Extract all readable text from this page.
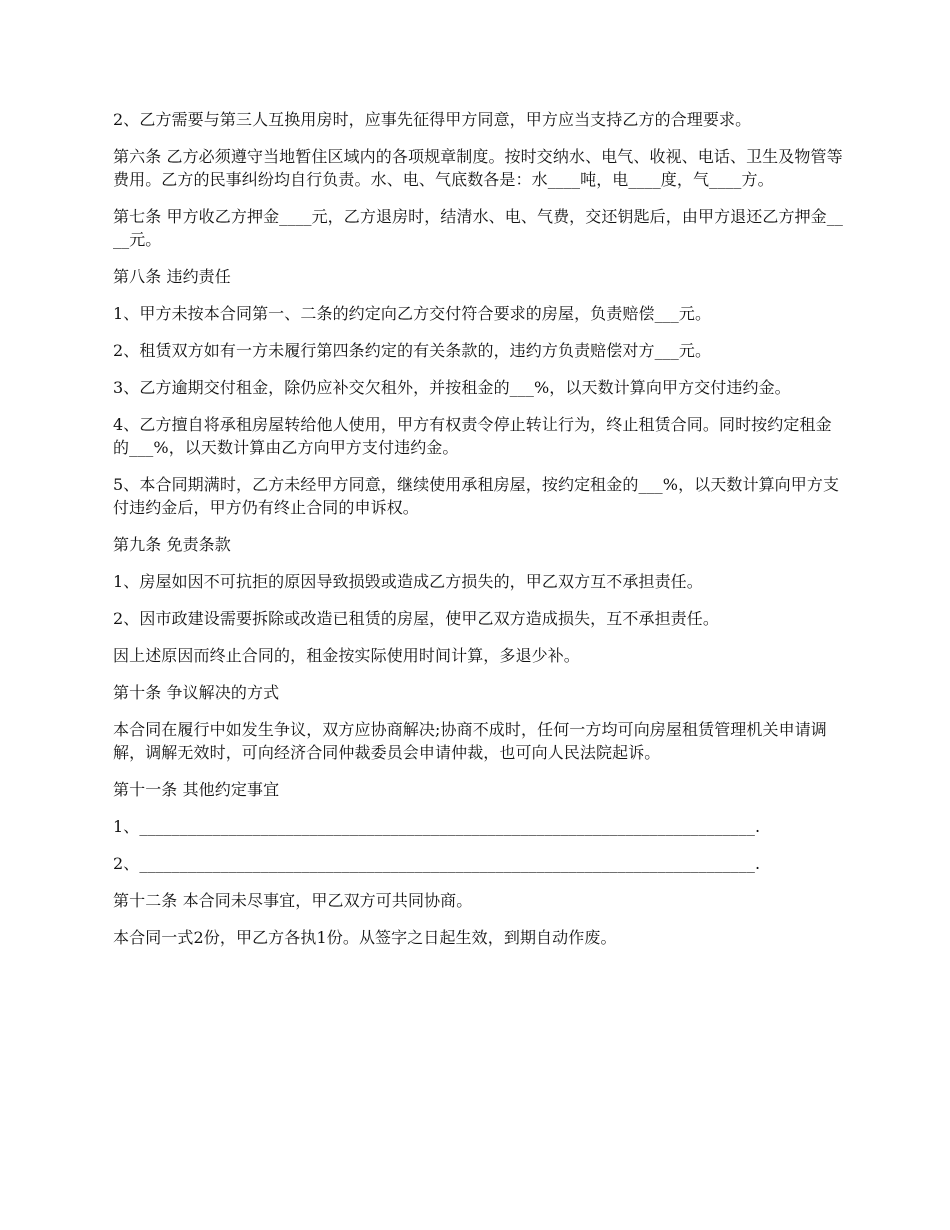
2、乙方需要与第三人互换用房时，应事先征得甲方同意，甲方应当支持乙方的合理要求。

第六条 乙方必须遵守当地暂住区域内的各项规章制度。按时交纳水、电气、收视、电话、卫生及物管等费用。乙方的民事纠纷均自行负责。水、电、气底数各是：水____吨，电____度，气____方。

第七条 甲方收乙方押金____元，乙方退房时，结清水、电、气费，交还钥匙后，由甲方退还乙方押金____元。

第八条 违约责任

1、甲方未按本合同第一、二条的约定向乙方交付符合要求的房屋，负责赔偿___元。

2、租赁双方如有一方未履行第四条约定的有关条款的，违约方负责赔偿对方___元。

3、乙方逾期交付租金，除仍应补交欠租外，并按租金的___%，以天数计算向甲方交付违约金。

4、乙方擅自将承租房屋转给他人使用，甲方有权责令停止转让行为，终止租赁合同。同时按约定租金的___%，以天数计算由乙方向甲方支付违约金。

5、本合同期满时，乙方未经甲方同意，继续使用承租房屋，按约定租金的___%，以天数计算向甲方支付违约金后，甲方仍有终止合同的申诉权。

第九条 免责条款

1、房屋如因不可抗拒的原因导致损毁或造成乙方损失的，甲乙双方互不承担责任。

2、因市政建设需要拆除或改造已租赁的房屋，使甲乙双方造成损失，互不承担责任。

因上述原因而终止合同的，租金按实际使用时间计算，多退少补。

第十条 争议解决的方式

本合同在履行中如发生争议，双方应协商解决;协商不成时，任何一方均可向房屋租赁管理机关申请调解，调解无效时，可向经济合同仲裁委员会申请仲裁，也可向人民法院起诉。

第十一条 其他约定事宜

1、____________________________________________________________________________.

2、____________________________________________________________________________.

第十二条 本合同未尽事宜，甲乙双方可共同协商。

本合同一式2份，甲乙方各执1份。从签字之日起生效，到期自动作废。
